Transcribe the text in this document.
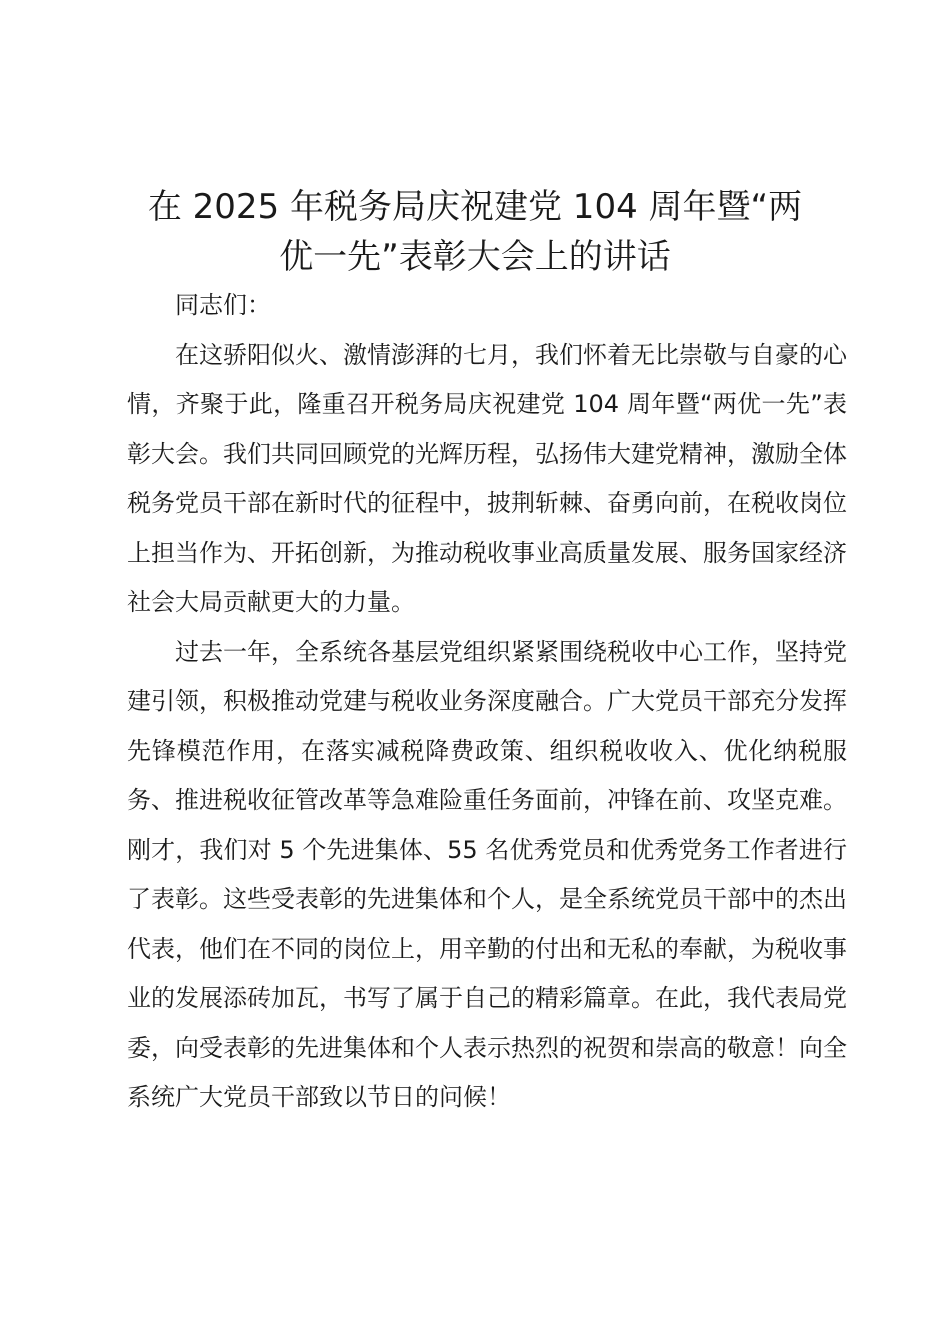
在 2025 年税务局庆祝建党 104 周年暨“两
优一先”表彰大会上的讲话

同志们：

在这骄阳似火、激情澎湃的七月，我们怀着无比崇敬与自豪的心情，齐聚于此，隆重召开税务局庆祝建党 104 周年暨“两优一先”表彰大会。我们共同回顾党的光辉历程，弘扬伟大建党精神，激励全体税务党员干部在新时代的征程中，披荆斩棘、奋勇向前，在税收岗位上担当作为、开拓创新，为推动税收事业高质量发展、服务国家经济社会大局贡献更大的力量。

过去一年，全系统各基层党组织紧紧围绕税收中心工作，坚持党建引领，积极推动党建与税收业务深度融合。广大党员干部充分发挥先锋模范作用，在落实减税降费政策、组织税收收入、优化纳税服务、推进税收征管改革等急难险重任务面前，冲锋在前、攻坚克难。刚才，我们对 5 个先进集体、55 名优秀党员和优秀党务工作者进行了表彰。这些受表彰的先进集体和个人，是全系统党员干部中的杰出代表，他们在不同的岗位上，用辛勤的付出和无私的奉献，为税收事业的发展添砖加瓦，书写了属于自己的精彩篇章。在此，我代表局党委，向受表彰的先进集体和个人表示热烈的祝贺和崇高的敬意！向全系统广大党员干部致以节日的问候！
